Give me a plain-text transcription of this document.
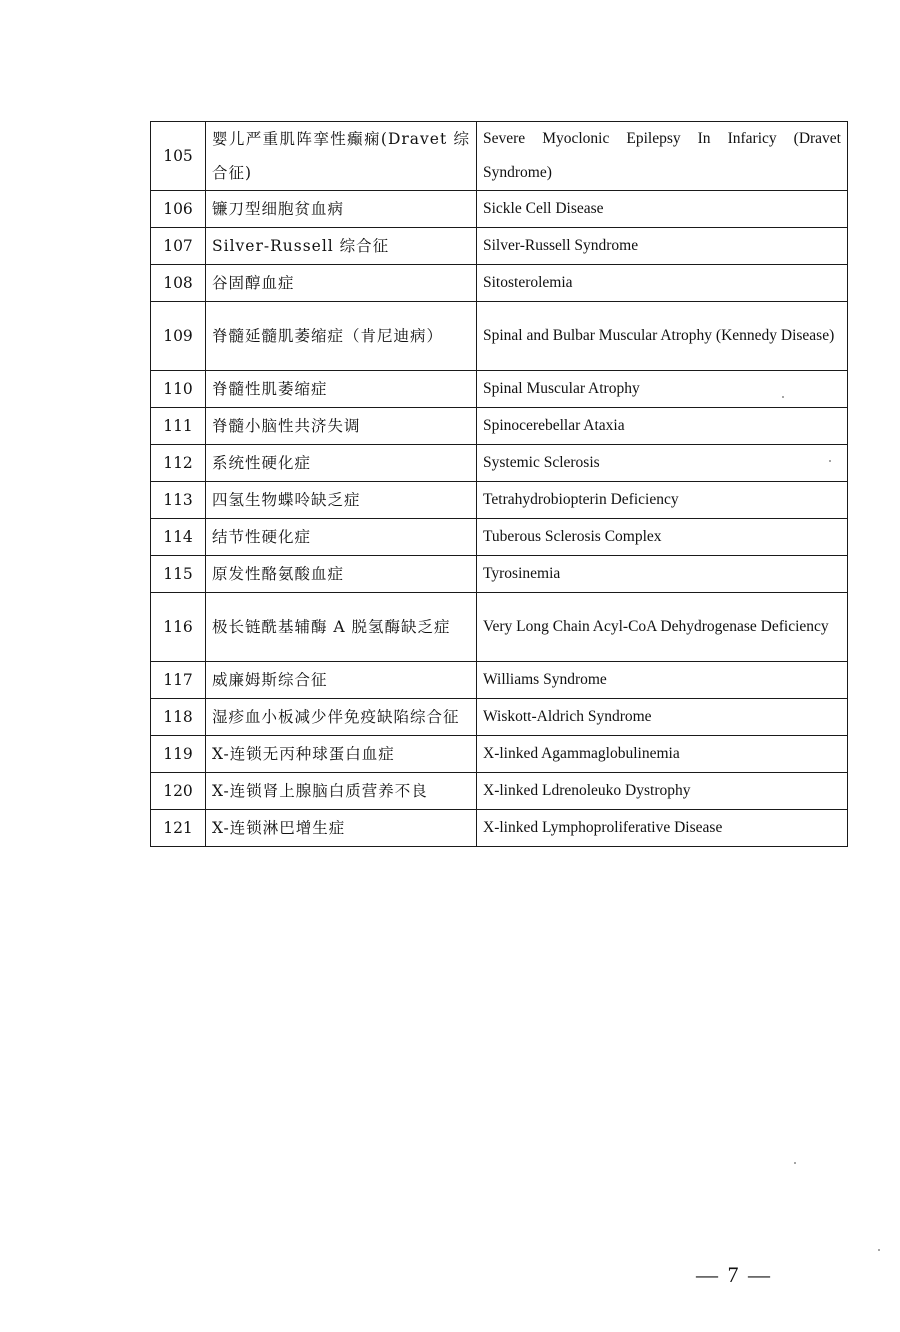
105	婴儿严重肌阵挛性癫痫(Dravet 综合征)	Severe Myoclonic Epilepsy In Infaricy (Dravet Syndrome)
106	镰刀型细胞贫血病	Sickle Cell Disease
107	Silver-Russell 综合征	Silver-Russell Syndrome
108	谷固醇血症	Sitosterolemia
109	脊髓延髓肌萎缩症（肯尼迪病）	Spinal and Bulbar Muscular Atrophy (Kennedy Disease)
110	脊髓性肌萎缩症	Spinal Muscular Atrophy
111	脊髓小脑性共济失调	Spinocerebellar Ataxia
112	系统性硬化症	Systemic Sclerosis
113	四氢生物蝶呤缺乏症	Tetrahydrobiopterin Deficiency
114	结节性硬化症	Tuberous Sclerosis Complex
115	原发性酪氨酸血症	Tyrosinemia
116	极长链酰基辅酶 A 脱氢酶缺乏症	Very Long Chain Acyl-CoA Dehydrogenase Deficiency
117	威廉姆斯综合征	Williams Syndrome
118	湿疹血小板减少伴免疫缺陷综合征	Wiskott-Aldrich Syndrome
119	X-连锁无丙种球蛋白血症	X-linked Agammaglobulinemia
120	X-连锁肾上腺脑白质营养不良	X-linked Ldrenoleuko Dystrophy
121	X-连锁淋巴增生症	X-linked Lymphoproliferative Disease
— 7 —
